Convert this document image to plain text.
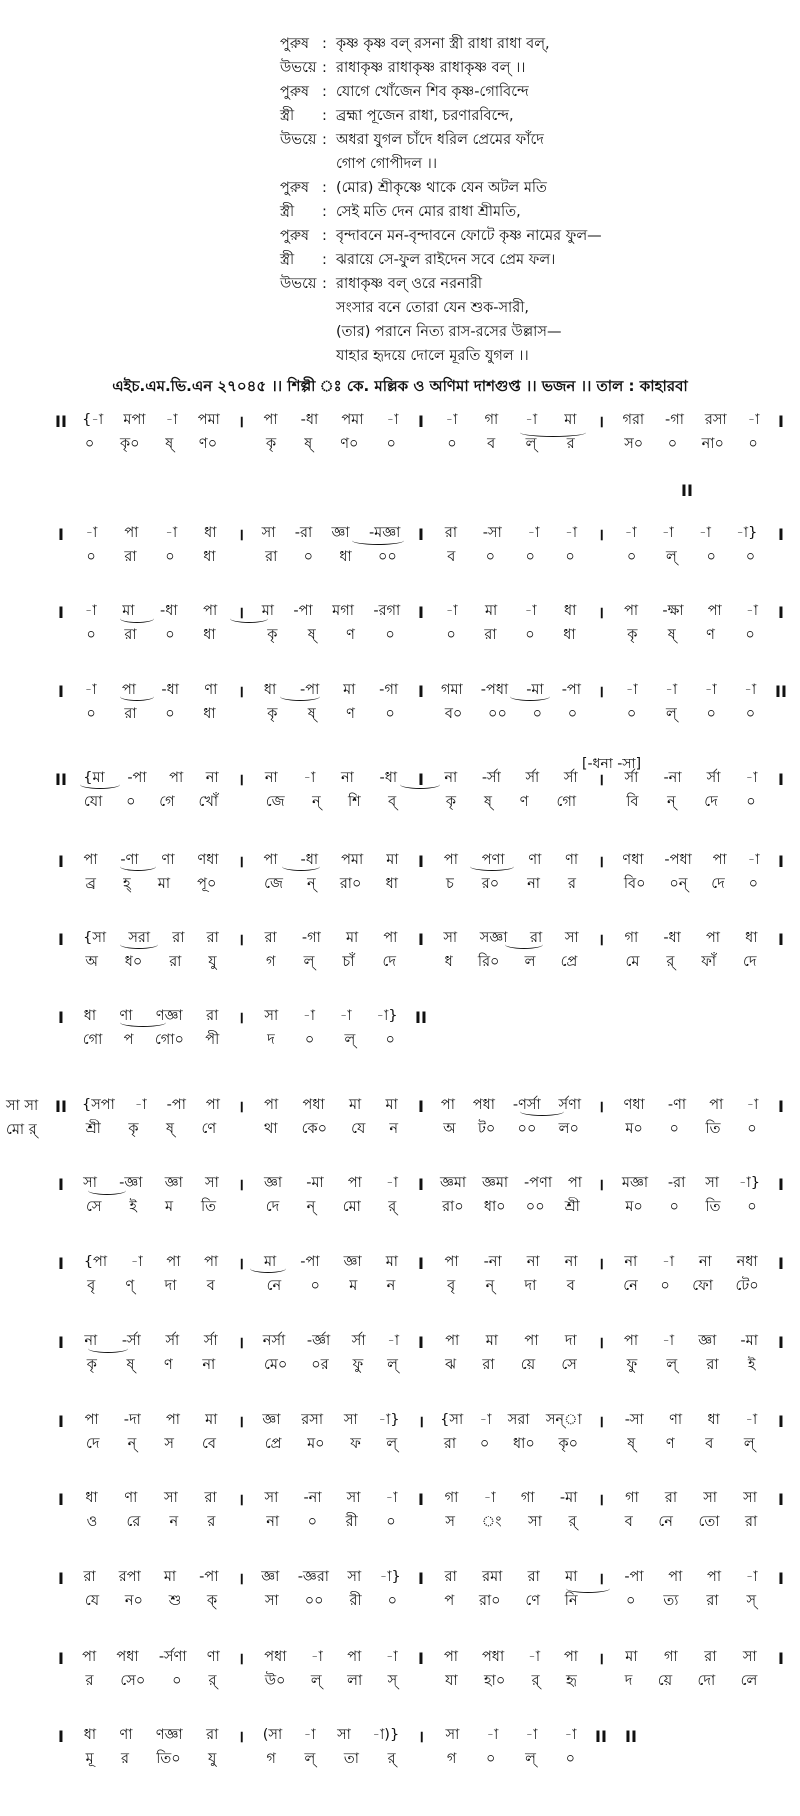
পুরুষ : কৃষ্ণ কৃষ্ণ বল্ রসনা স্ত্রী রাধা রাধা বল্,
উভয়ে : রাধাকৃষ্ণ রাধাকৃষ্ণ রাধাকৃষ্ণ বল্ ।।
পুরুষ : যোগে খোঁজেন শিব কৃষ্ণ-গোবিন্দে
স্ত্রী	: ব্রহ্মা পূজেন রাধা, চরণারবিন্দে,
উভয়ে : অধরা যুগল চাঁদে ধরিল প্রেমের ফাঁদে
গোপ গোপীদল ।।
পুরুষ : (মোর) শ্রীকৃষ্ণে থাকে যেন অটল মতি
স্ত্রী	: সেই মতি দেন মোর রাধা শ্রীমতি,
পুরুষ : বৃন্দাবনে মন-বৃন্দাবনে ফোটে কৃষ্ণ নামের ফুল—
স্ত্রী	: ঝরায়ে সে-ফুল রাইদেন সবে প্রেম ফল।
উভয়ে : রাধাকৃষ্ণ বল্ ওরে নরনারী
সংসার বনে তোরা যেন শুক-সারী,
(তার) পরানে নিত্য রাস-রসের উল্লাস—
যাহার হৃদয়ে দোলে মূরতি যুগল ।।
এইচ.এম.ভি.এন ২৭০৪৫ ।। শিল্পী ঃ কে. মল্লিক ও অণিমা দাশগুপ্ত ।। ভজন ।। তাল : কাহারবা
II	{-া মপা -া পমা	।	পা -ধা পমা -া	I	-া গা -া মা	।	গরা -গা রসা -া	I
০ কৃ০ ষ্ ণ০	কৃ ষ্ ণ০ ০	০ ব ল্ র	স০ ০ না০ ০
I	-া পা -া ধা	।	সা -রা জ্ঞা -মজ্ঞা	I	রা -সা -া -া	।	-া -া -া -া}	I
০ রা ০ ধা	রা ০ ধা ০০	ব ০ ০ ০	০ ল্ ০ ০
I	-া মা -ধা পা	।	মা -পা মগা -রগা	I	-া মা -া ধা	।	পা -ক্ষা পা -া	I
০ রা ০ ধা	কৃ ষ্ ণ ০	০ রা ০ ধা	কৃ ষ্ ণ ০
I	-া পা -ধা ণা	।	ধা -পা মা -গা	I	গমা -পধা -মা -পা	।	-া -া -া -া	II
০ রা ০ ধা	কৃ ষ্ ণ ০	ব০ ০০ ০ ০	০ ল্ ০ ০
II	{মা -পা পা না	।	না -া না -ধা	I	না -র্সা র্সা র্সা	।	র্সা -না র্সা -া	I
যো ০ গে খোঁ	জে ন্ শি ব্	কৃ ষ্ ণ গো	বি ন্ দে ০
I	পা -ণা ণা ণধা	।	পা -ধা পমা মা	I	পা পণা ণা ণা	।	ণধা -পধা পা -া	I
ব্র হ্ মা পূ০	জে ন্ রা০ ধা	চ র০ না র	বি০ ০ন্ দে ০
I	{সা সরা রা রা	।	রা -গা মা পা	I	সা সজ্ঞা রা সা	।	গা -ধা পা ধা	I
অ ধ০ রা যু	গ ল্ চাঁ দে	ধ রি০ ল প্রে	মে র্ ফাঁ দে
I	ধা ণা ণজ্ঞা রা	।	সা -া -া -া}	II
গো প গো০ পী	দ ০ ল্ ০
সা সা
মো র্
II	{সপা -া -পা পা	।	পা পধা মা মা	I	পা পধা -ণর্সা র্সণা	।	ণধা -ণা পা -া	I
শ্রী কৃ ষ্ ণে	থা কে০ যে ন	অ ট০ ০০ ল০	ম০ ০ তি ০
I	সা -জ্ঞা জ্ঞা সা	।	জ্ঞা -মা পা -া	I	জ্ঞমা জ্ঞমা -পণা পা ।	মজ্ঞা -রা সা -া}	I
সে ই ম তি	দে ন্ মো র্	রা০ ধা০ ০০ শ্রী	ম০ ০ তি ০
I	{পা -া পা পা	।	মা -পা জ্ঞা মা	I	পা -না না না	।	না -া না নধা	I
বৃ ণ্ দা ব	নে ০ ম ন	বৃ ন্ দা ব	নে ০ ফো টে০
I	না -র্সা র্সা র্সা	।	নর্সা -র্জ্ঞা র্সা -া	I	পা মা পা দা	।	পা -া জ্ঞা -মা	I
কৃ ষ্ ণ না	মে০ ০র ফু ল্	ঝ রা য়ে সে	ফু ল্ রা ই
I	পা -দা পা মা	।	জ্ঞা রসা সা -া}	।	{সা -া সরা সন্া	।	-সা ণা ধা -া	I
দে ন্ স বে	প্রে ম০ ফ ল্	রা ০ ধা০ কৃ০	ষ্ ণ ব ল্
I	ধা ণা সা রা	।	সা -না সা -া	I	গা -া গা -মা	।	গা রা সা সা	I
ও রে ন র	না ০ রী ০	স ং সা র্	ব নে তো রা
I	রা রপা মা -পা	।	জ্ঞা -জ্ঞরা সা -া}	I	রা রমা রা মা	।	-পা পা পা -া	I
যে ন০ শু ক্	সা ০০ রী ০	প রা০ ণে নি	০ ত্য রা স্
I	পা পধা -র্সণা ণা	।	পধা -া পা -া	I	পা পধা -া পা	।	মা গা রা সা	I
র সে০ ০ র্	উ০ ল্ লা স্	যা হা০ র্ হৃ	দ য়ে দো লে
I	ধা ণা ণজ্ঞা রা	।	(সা -া সা -া)}	।	সা -া -া -া	II	II
মূ র তি০ যু	গ ল্ তা র্	গ ০ ল্ ০
II
[-ধনা -সা]
